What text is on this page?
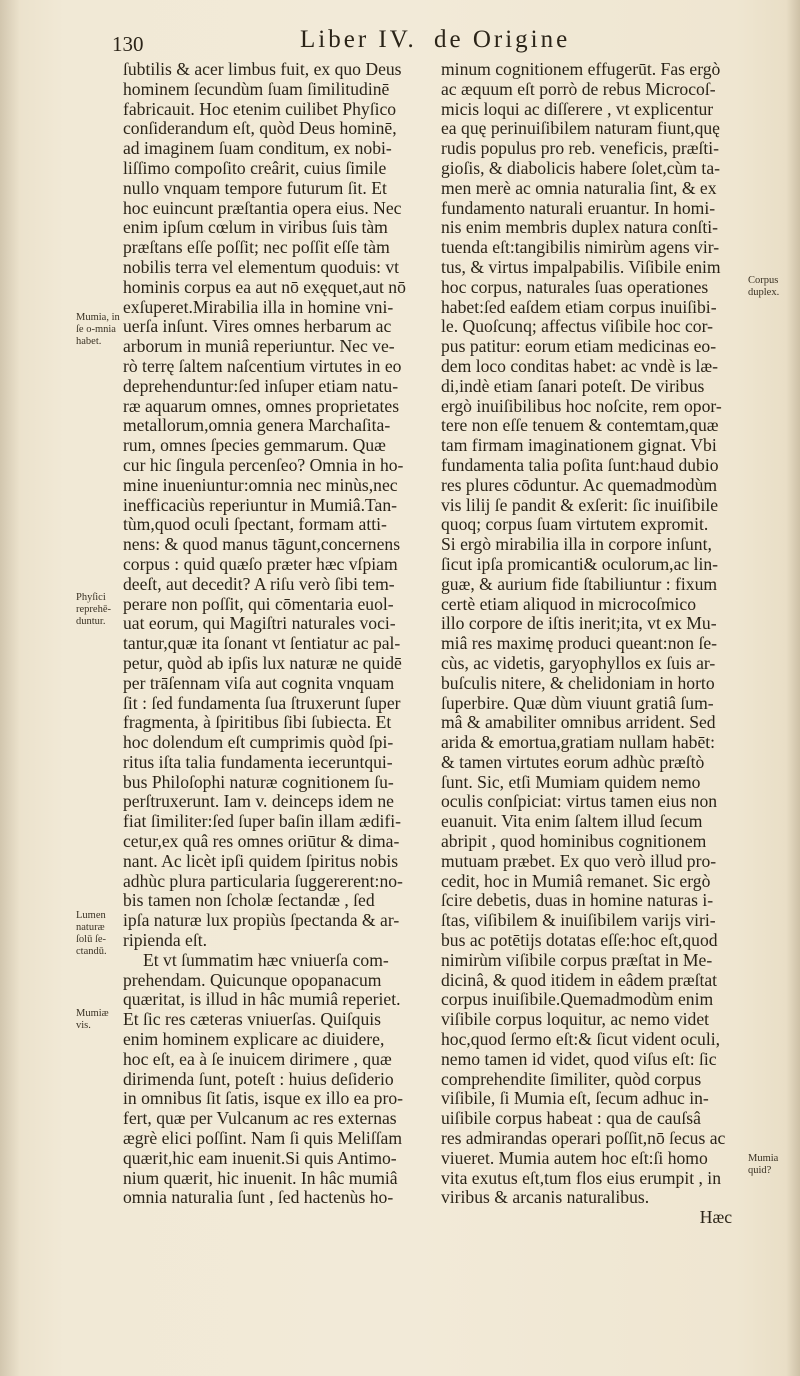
130	Liber IV. de Origine
ſubtilis & acer limbus fuit, ex quo Deus
hominem ſecundùm ſuam ſimilitudinē
fabricauit. Hoc etenim cuilibet Phyſico
conſiderandum eſt, quòd Deus hominē,
ad imaginem ſuam conditum, ex nobi-
liſſimo compoſito creârit, cuius ſimile
nullo vnquam tempore futurum ſit. Et
hoc euincunt præſtantia opera eius. Nec
enim ipſum cœlum in viribus ſuis tàm
præſtans eſſe poſſit; nec poſſit eſſe tàm
nobilis terra vel elementum quoduis: vt
hominis corpus ea aut nō exęquet,aut nō
exſuperet.Mirabilia illa in homine vni-
uerſa inſunt. Vires omnes herbarum ac
arborum in muniâ reperiuntur. Nec ve-
rò terrę ſaltem naſcentium virtutes in eo
deprehenduntur:ſed inſuper etiam natu-
ræ aquarum omnes, omnes proprietates
metallorum,omnia genera Marchaſita-
rum, omnes ſpecies gemmarum. Quæ
cur hic ſingula percenſeo? Omnia in ho-
mine inueniuntur:omnia nec minùs,nec
inefficaciùs reperiuntur in Mumiâ.Tan-
tùm,quod oculi ſpectant, formam atti-
nens: & quod manus tāgunt,concernens
corpus : quid quæſo præter hæc vſpiam
deeſt, aut decedit? A riſu verò ſibi tem-
perare non poſſit, qui cōmentaria euol-
uat eorum, qui Magiſtri naturales voci-
tantur,quæ ita ſonant vt ſentiatur ac pal-
petur, quòd ab ipſis lux naturæ ne quidē
per trāſennam viſa aut cognita vnquam
ſit : ſed fundamenta ſua ſtruxerunt ſuper
fragmenta, à ſpiritibus ſibi ſubiecta. Et
hoc dolendum eſt cumprimis quòd ſpi-
ritus iſta talia fundamenta ieceruntqui-
bus Philoſophi naturæ cognitionem ſu-
perſtruxerunt. Iam v. deinceps idem ne
fiat ſimiliter:ſed ſuper baſin illam ædifi-
cetur,ex quâ res omnes oriūtur & dima-
nant. Ac licèt ipſi quidem ſpiritus nobis
adhùc plura particularia ſuggererent:no-
bis tamen non ſcholæ ſectandæ , ſed
ipſa naturæ lux propiùs ſpectanda & ar-
ripienda eſt.
Et vt ſummatim hæc vniuerſa com-
prehendam. Quicunque opopanacum
quæritat, is illud in hâc mumiâ reperiet.
Et ſic res cæteras vniuerſas. Quiſquis
enim hominem explicare ac diuidere,
hoc eſt, ea à ſe inuicem dirimere , quæ
dirimenda ſunt, poteſt : huius deſiderio
in omnibus ſit ſatis, isque ex illo ea pro-
fert, quæ per Vulcanum ac res externas
ægrè elici poſſint. Nam ſi quis Meliſſam
quærit,hic eam inuenit.Si quis Antimo-
nium quærit, hic inuenit. In hâc mumiâ
omnia naturalia ſunt , ſed hactenùs ho-
minum cognitionem effugerūt. Fas ergò
ac æquum eſt porrò de rebus Microcoſ-
micis loqui ac diſſerere , vt explicentur
ea quę perinuiſibilem naturam fiunt,quę
rudis populus pro reb. veneficis, præſti-
gioſis, & diabolicis habere ſolet,cùm ta-
men merè ac omnia naturalia ſint, & ex
fundamento naturali eruantur. In homi-
nis enim membris duplex natura conſti-
tuenda eſt:tangibilis nimirùm agens vir-
tus, & virtus impalpabilis. Viſibile enim
hoc corpus, naturales ſuas operationes
habet:ſed eaſdem etiam corpus inuiſibi-
le. Quoſcunq; affectus viſibile hoc cor-
pus patitur: eorum etiam medicinas eo-
dem loco conditas habet: ac vndè is læ-
di,indè etiam ſanari poteſt. De viribus
ergò inuiſibilibus hoc noſcite, rem opor-
tere non eſſe tenuem & contemtam,quæ
tam firmam imaginationem gignat. Vbi
fundamenta talia poſita ſunt:haud dubio
res plures cōduntur. Ac quemadmodùm
vis lilij ſe pandit & exſerit: ſic inuiſibile
quoq; corpus ſuam virtutem expromit.
Si ergò mirabilia illa in corpore inſunt,
ſicut ipſa promicanti& oculorum,ac lin-
guæ, & aurium fide ſtabiliuntur : fixum
certè etiam aliquod in microcoſmico
illo corpore de iſtis inerit;ita, vt ex Mu-
miâ res maximę produci queant:non ſe-
cùs, ac videtis, garyophyllos ex ſuis ar-
buſculis nitere, & chelidoniam in horto
ſuperbire. Quæ dùm viuunt gratiâ ſum-
mâ & amabiliter omnibus arrident. Sed
arida & emortua,gratiam nullam habēt:
& tamen virtutes eorum adhùc præſtò
ſunt. Sic, etſi Mumiam quidem nemo
oculis conſpiciat: virtus tamen eius non
euanuit. Vita enim ſaltem illud ſecum
abripit , quod hominibus cognitionem
mutuam præbet. Ex quo verò illud pro-
cedit, hoc in Mumiâ remanet. Sic ergò
ſcire debetis, duas in homine naturas i-
ſtas, viſibilem & inuiſibilem varijs viri-
bus ac potētijs dotatas eſſe:hoc eſt,quod
nimirùm viſibile corpus præſtat in Me-
dicinâ, & quod itidem in eâdem præſtat
corpus inuiſibile.Quemadmodùm enim
viſibile corpus loquitur, ac nemo videt
hoc,quod ſermo eſt:& ſicut vident oculi,
nemo tamen id videt, quod viſus eſt: ſic
comprehendite ſimiliter, quòd corpus
viſibile, ſi Mumia eſt, ſecum adhuc in-
uiſibile corpus habeat : qua de cauſsâ
res admirandas operari poſſit,nō ſecus ac
viueret. Mumia autem hoc eſt:ſi homo
vita exutus eſt,tum flos eius erumpit , in
viribus & arcanis naturalibus.
Hæc
Mumia, in ſe o-mnia habet.
Phyſici reprehē-duntur.
Lumen naturæ ſolū ſe-ctandū.
Mumiæ vis.
Corpus duplex.
Mumia quid?
